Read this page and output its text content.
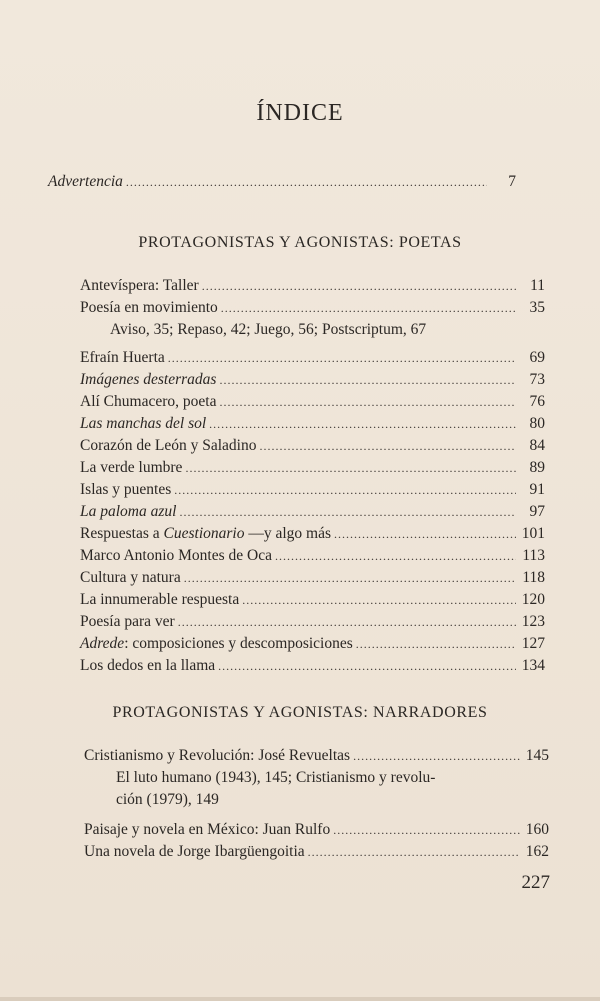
ÍNDICE
Advertencia .....	7
PROTAGONISTAS Y AGONISTAS: POETAS
Antevíspera: Taller .....	11
Poesía en movimiento .....	35
Aviso, 35; Repaso, 42; Juego, 56; Postscriptum, 67
Efraín Huerta .....	69
Imágenes desterradas .....	73
Alí Chumacero, poeta .....	76
Las manchas del sol .....	80
Corazón de León y Saladino .....	84
La verde lumbre .....	89
Islas y puentes .....	91
La paloma azul .....	97
Respuestas a Cuestionario —y algo más .....	101
Marco Antonio Montes de Oca .....	113
Cultura y natura .....	118
La innumerable respuesta .....	120
Poesía para ver .....	123
Adrede: composiciones y descomposiciones .....	127
Los dedos en la llama .....	134
PROTAGONISTAS Y AGONISTAS: NARRADORES
Cristianismo y Revolución: José Revueltas .....	145
El luto humano (1943), 145; Cristianismo y revolu-
ción (1979), 149
Paisaje y novela en México: Juan Rulfo .....	160
Una novela de Jorge Ibargüengoitia .....	162
227
